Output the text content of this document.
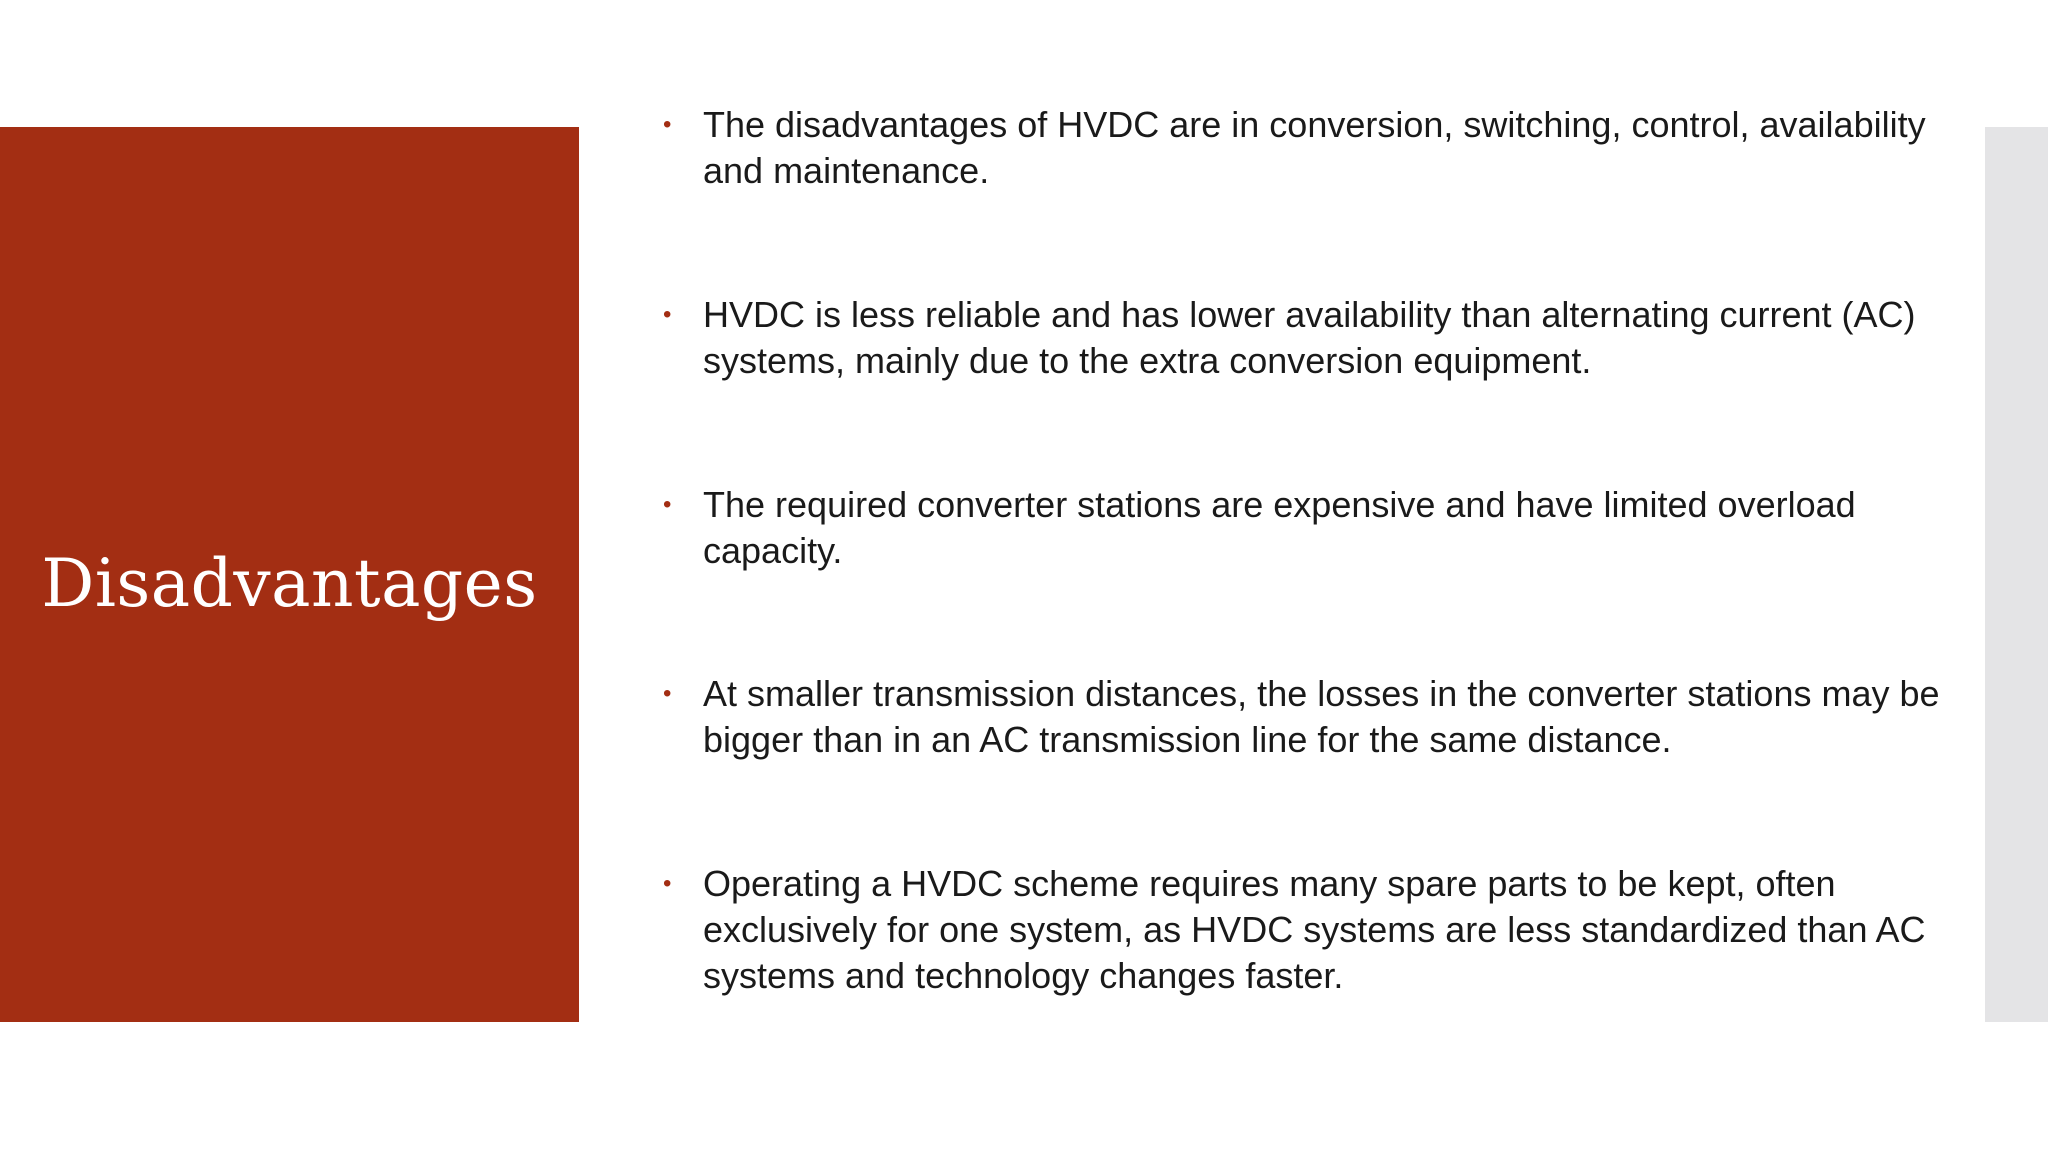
Disadvantages
• The disadvantages of HVDC are in conversion, switching, control, availability and maintenance.
• HVDC is less reliable and has lower availability than alternating current (AC) systems, mainly due to the extra conversion equipment.
• The required converter stations are expensive and have limited overload capacity.
• At smaller transmission distances, the losses in the converter stations may be bigger than in an AC transmission line for the same distance.
• Operating a HVDC scheme requires many spare parts to be kept, often exclusively for one system, as HVDC systems are less standardized than AC systems and technology changes faster.
